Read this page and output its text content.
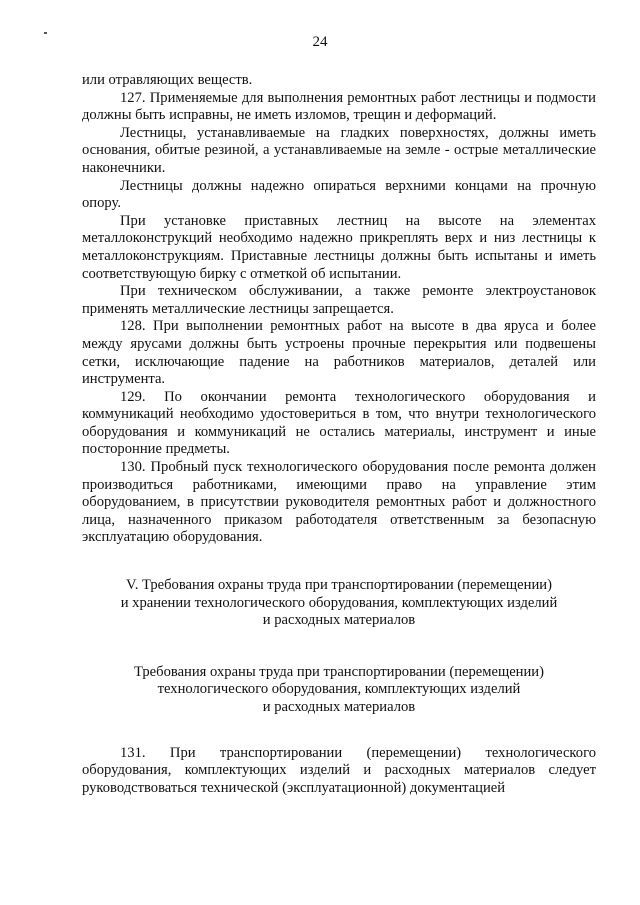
24

или отравляющих веществ.

127. Применяемые для выполнения ремонтных работ лестницы и подмости должны быть исправны, не иметь изломов, трещин и деформаций.

Лестницы, устанавливаемые на гладких поверхностях, должны иметь основания, обитые резиной, а устанавливаемые на земле - острые металлические наконечники.

Лестницы должны надежно опираться верхними концами на прочную опору.

При установке приставных лестниц на высоте на элементах металлоконструкций необходимо надежно прикреплять верх и низ лестницы к металлоконструкциям. Приставные лестницы должны быть испытаны и иметь соответствующую бирку с отметкой об испытании.

При техническом обслуживании, а также ремонте электроустановок применять металлические лестницы запрещается.

128. При выполнении ремонтных работ на высоте в два яруса и более между ярусами должны быть устроены прочные перекрытия или подвешены сетки, исключающие падение на работников материалов, деталей или инструмента.

129. По окончании ремонта технологического оборудования и коммуникаций необходимо удостовериться в том, что внутри технологического оборудования и коммуникаций не остались материалы, инструмент и иные посторонние предметы.

130. Пробный пуск технологического оборудования после ремонта должен производиться работниками, имеющими право на управление этим оборудованием, в присутствии руководителя ремонтных работ и должностного лица, назначенного приказом работодателя ответственным за безопасную эксплуатацию оборудования.

V. Требования охраны труда при транспортировании (перемещении)
и хранении технологического оборудования, комплектующих изделий
и расходных материалов
Требования охраны труда при транспортировании (перемещении)
технологического оборудования, комплектующих изделий
и расходных материалов

131. При транспортировании (перемещении) технологического оборудования, комплектующих изделий и расходных материалов следует руководствоваться технической (эксплуатационной) документацией
